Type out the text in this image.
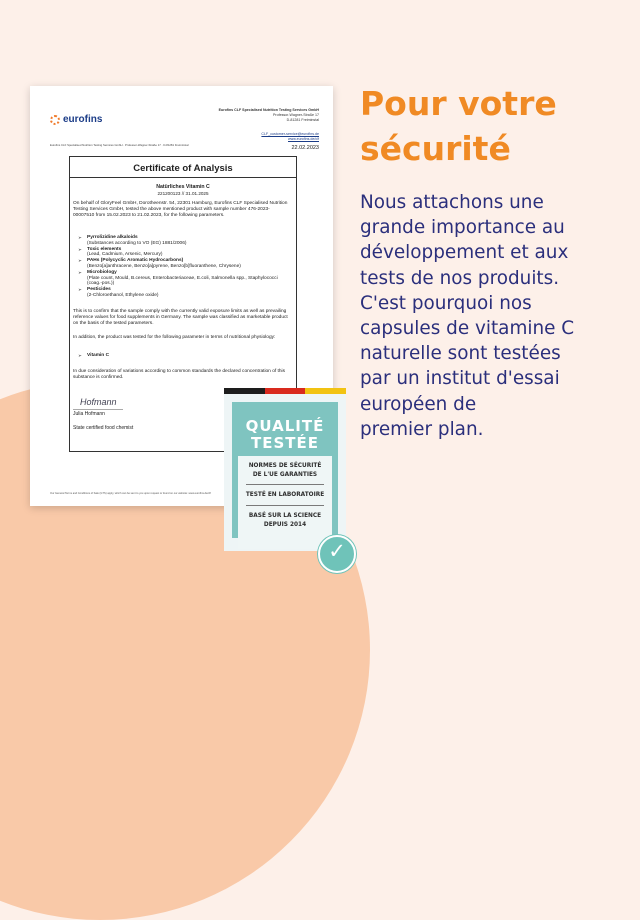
eurofins
Eurofins CLF Specialised Nutrition Testing Services GmbH
Professor-Wagner-Straße 17
D-81281 Freiminstal
CLF_customer-service@eurofins.de
www.eurofins.de/clf
Eurofins CLF Specialised Nutrition Testing Services GmbH · Professor-Wagner-Straße 17 · D-81281 Freiminstal	22.02.2023
Certificate of Analysis
Natürliches Vitamin C
221200123 // 31.01.2025
On behalf of GloryFeel GmbH, Dorotheenstr. 54, 22301 Hamburg, Eurofins CLF Specialised Nutrition Testing Services GmbH, tested the above mentioned product with sample number 476-2023-00007510 from 15.02.2023 to 21.02.2023, for the following parameters.
➢	Pyrrolizidine alkaloids
(Substances according to VO (EG) 1881/2006)
➢	Toxic elements
(Lead, Cadmium, Arsenic, Mercury)
➢	PAHs (Polycyclic Aromatic Hydrocarbons)
(Benzo[a]anthracene, Benzo[a]pyrene, Benzo[b]fluoranthene, Chrysene)
➢	Microbiology
(Plate count, Mould, B.cereus, Enterobacteriaceae, E.coli, Salmonella spp., Staphylococci (coag.-pos.))
➢	Pesticides
(2-Chloroethanol, Ethylene oxide)
This is to confirm that the sample comply with the currently valid exposure limits as well as prevailing reference values for food supplements in Germany. The sample was classified as marketable product on the basis of the tested parameters.
In addition, the product was tested for the following parameter in terms of nutritional physiology:
➢	Vitamin C
In due consideration of variations according to common standards the declared concentration of this substance is confirmed.
Hofmann
Julia Hofmann
State certified food chemist
Our General Terms and Conditions of Sale (GTS) apply, which can be sent to you upon request or found on our website: www.eurofins.de/clf
QUALITÉ
TESTÉE
NORMES DE SÉCURITÉ
DE L'UE GARANTIES
TESTÉ EN LABORATOIRE
BASÉ SUR LA SCIENCE
DEPUIS 2014
✓
Pour votre
sécurité
Nous attachons une
grande importance au
développement et aux
tests de nos produits.
C'est pourquoi nos
capsules de vitamine C
naturelle sont testées
par un institut d'essai
européen de
premier plan.
